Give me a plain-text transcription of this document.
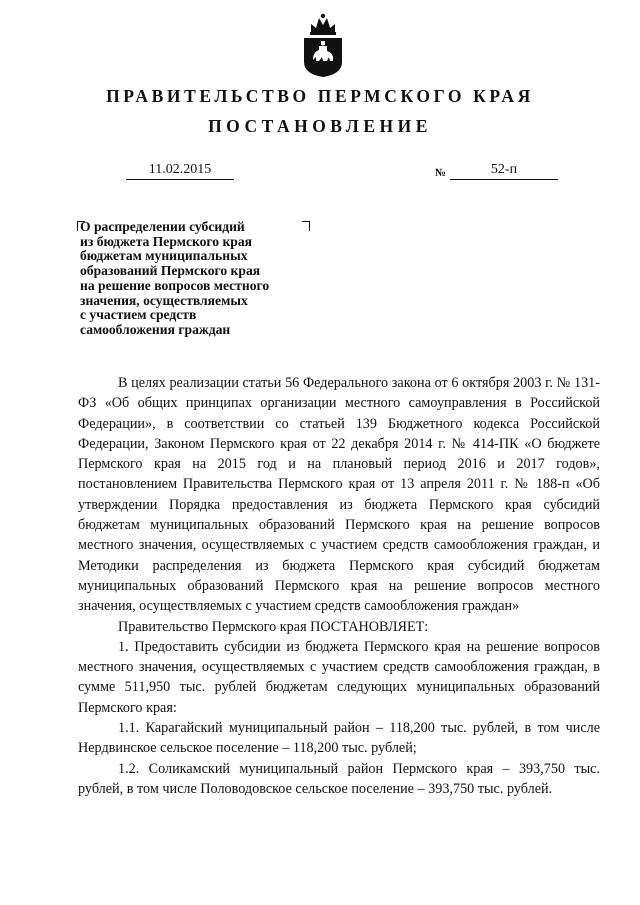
ПРАВИТЕЛЬСТВО ПЕРМСКОГО КРАЯ
ПОСТАНОВЛЕНИЕ
11.02.2015	№	52-п
О распределении субсидий
из бюджета Пермского края
бюджетам муниципальных
образований Пермского края
на решение вопросов местного
значения, осуществляемых
с участием средств
самообложения граждан

В целях реализации статьи 56 Федерального закона от 6 октября 2003 г. № 131-ФЗ «Об общих принципах организации местного самоуправления в Российской Федерации», в соответствии со статьей 139 Бюджетного кодекса Российской Федерации, Законом Пермского края от 22 декабря 2014 г. № 414-ПК «О бюджете Пермского края на 2015 год и на плановый период 2016 и 2017 годов», постановлением Правительства Пермского края от 13 апреля 2011 г. № 188-п «Об утверждении Порядка предоставления из бюджета Пермского края субсидий бюджетам муниципальных образований Пермского края на решение вопросов местного значения, осуществляемых с участием средств самообложения граждан, и Методики распределения из бюджета Пермского края субсидий бюджетам муниципальных образований Пермского края на решение вопросов местного значения, осуществляемых с участием средств самообложения граждан»

Правительство Пермского края ПОСТАНОВЛЯЕТ:

1. Предоставить субсидии из бюджета Пермского края на решение вопросов местного значения, осуществляемых с участием средств самообложения граждан, в сумме 511,950 тыс. рублей бюджетам следующих муниципальных образований Пермского края:

1.1. Карагайский муниципальный район – 118,200 тыс. рублей, в том числе Нердвинское сельское поселение – 118,200 тыс. рублей;

1.2. Соликамский муниципальный район Пермского края – 393,750 тыс. рублей, в том числе Половодовское сельское поселение – 393,750 тыс. рублей.
